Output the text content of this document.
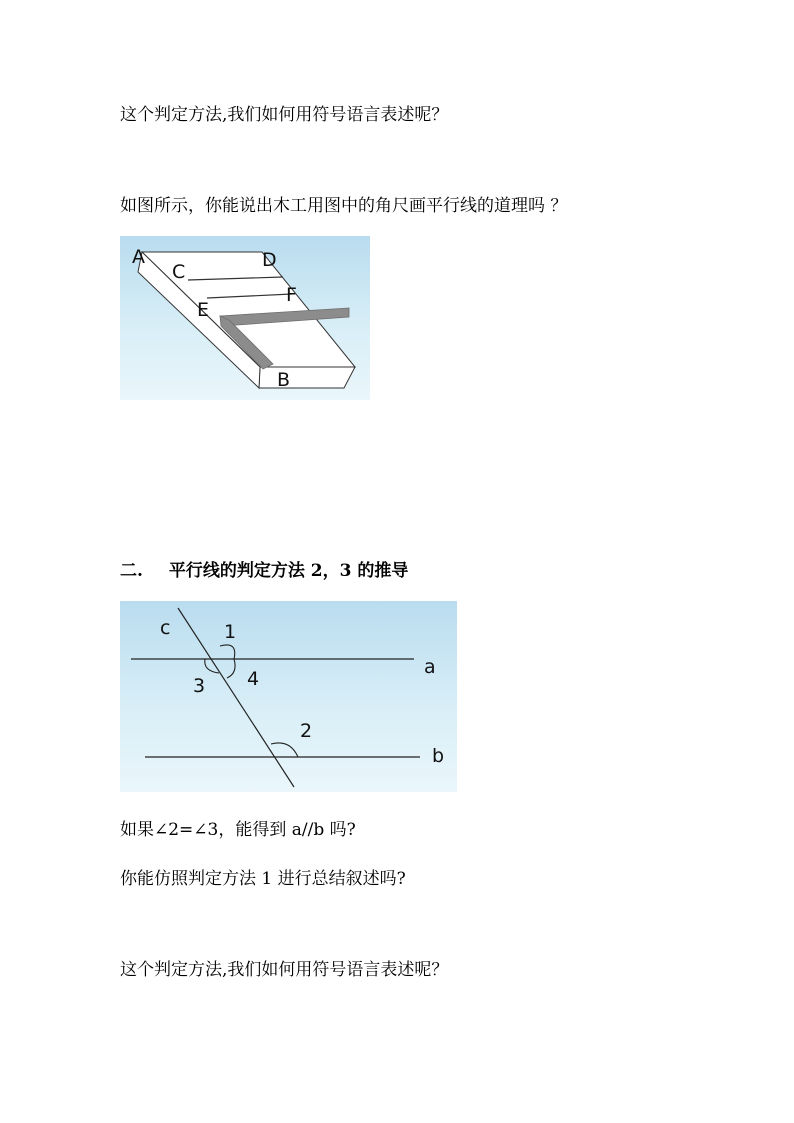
这个判定方法,我们如何用符号语言表述呢？
如图所示，你能说出木工用图中的角尺画平行线的道理吗 ？
A
C
D
E
F
B
二. 平行线的判定方法 2，3 的推导
c	1
3 4
2
a
b
如果∠2=∠3，能得到 a//b 吗?
你能仿照判定方法 1 进行总结叙述吗?
这个判定方法,我们如何用符号语言表述呢？
